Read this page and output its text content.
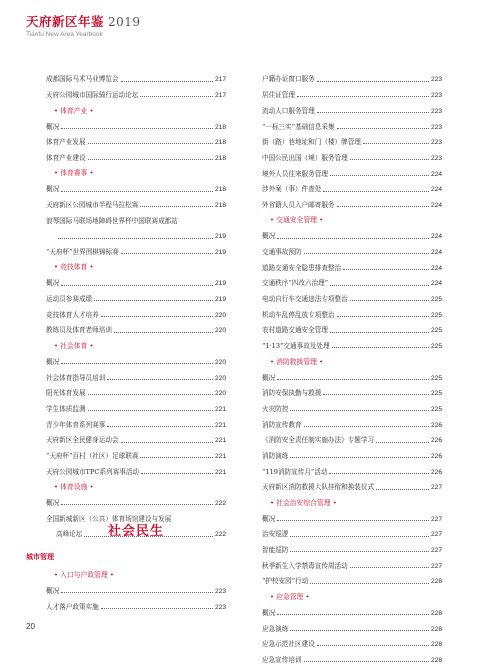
天府新区年鉴 2019
Tianfu New Area Yearbook
成都国际马术马业博览会	217
天府公园城市国际骑行运动论坛	217
• 体育产业 •
概况	218
体育产业发展	218
体育产业建设	218
• 体育赛事 •
概况	218
天府新区公园城市半程马拉松赛	218
浪琴国际马联场地障碍世界杯中国联赛成都站
219
“天府杯”世界围棋锦标赛	219
• 竞技体育 •
概况	219
运动员参赛成绩	219
竞技体育人才培养	220
教练员及体育老师培训	220
• 社会体育 •
概况	220
社会体育指导员培训	220
阳光体育发展	220
学生体质监测	221
青少年体育系列赛事	221
天府新区全民健身运动会	221
“天府杯”百村（社区）足球联赛	221
天府公园城市TPC系列赛事活动	221
• 体育设施 •
概况	222
全国新城新区（公共）体育场馆建设与发展
高峰论坛	222
户籍办证窗口服务	223
居住证管理	223
流动人口服务管理	223
“一标三实”基础信息采集	223
街（路）巷地址和门（楼）牌管理	223
中国公民出国（境）服务管理	223
境外人员往来服务管理	224
涉外案（事）件查处	224
外省籍人员入户邮寄服务	224
• 交通安全管理 •
概况	224
交通事故预防	224
道路交通安全隐患排查整治	224
交通秩序“四改六治理”	224
电动自行车交通违法专项整治	225
机动车乱停乱放专项整治	225
农村道路交通安全管理	225
“1·13”交通事故及处理	225
• 消防救援管理 •
概况	225
消防安保执勤与救援	225
火灾防控	225
消防宣传教育	226
《消防安全责任制实施办法》专题学习	226
消防演练	226
“119消防宣传月”活动	226
天府新区消防救援大队挂衔和换装仪式	227
• 社会治安综合管理 •
概况	227
治安巡逻	227
智能巡防	227
秋季新生入学禁毒宣传周活动	227
“护校安园”行动	228
• 应急管理 •
概况	228
应急演练	228
应急示范社区建设	228
应急宣传培训	228
社会民生
城市管理
• 入口与户政管理 •
概况	223
人才落户政策实施	223
20
